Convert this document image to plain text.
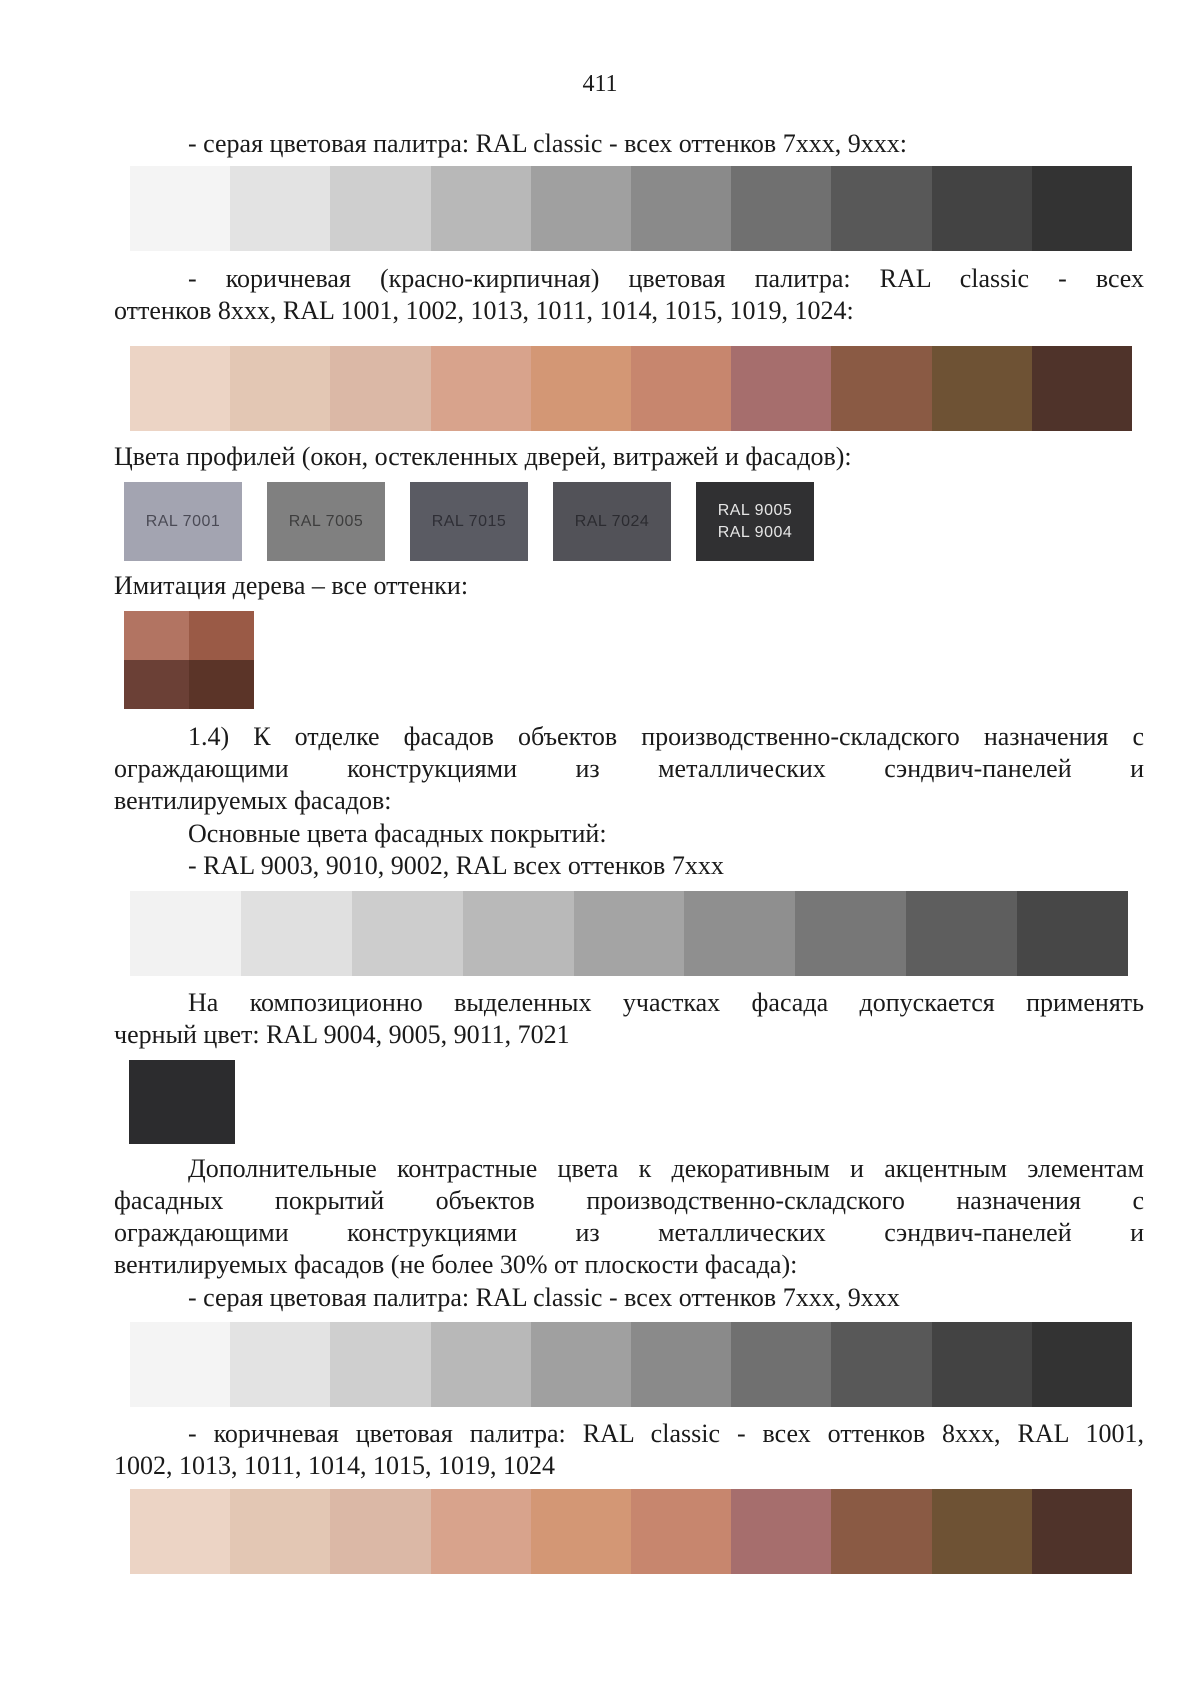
411
- серая цветовая палитра: RAL classic - всех оттенков 7xxx, 9xxx:
- коричневая (красно-кирпичная) цветовая палитра: RAL classic - всех
оттенков 8xxx, RAL 1001, 1002, 1013, 1011, 1014, 1015, 1019, 1024:
Цвета профилей (окон, остекленных дверей, витражей и фасадов):
RAL 7001	RAL 7005	RAL 7015	RAL 7024
RAL 9005
RAL 9004
Имитация дерева – все оттенки:
1.4) К отделке фасадов объектов производственно-складского назначения с
ограждающими конструкциями из металлических сэндвич-панелей и
вентилируемых фасадов:
Основные цвета фасадных покрытий:
- RAL 9003, 9010, 9002, RAL всех оттенков 7xxx
На композиционно выделенных участках фасада допускается применять
черный цвет: RAL 9004, 9005, 9011, 7021
Дополнительные контрастные цвета к декоративным и акцентным элементам
фасадных покрытий объектов производственно-складского назначения с
ограждающими конструкциями из металлических сэндвич-панелей и
вентилируемых фасадов (не более 30% от плоскости фасада):
- серая цветовая палитра: RAL classic - всех оттенков 7xxx, 9xxx
- коричневая цветовая палитра: RAL classic - всех оттенков 8xxx, RAL 1001,
1002, 1013, 1011, 1014, 1015, 1019, 1024
